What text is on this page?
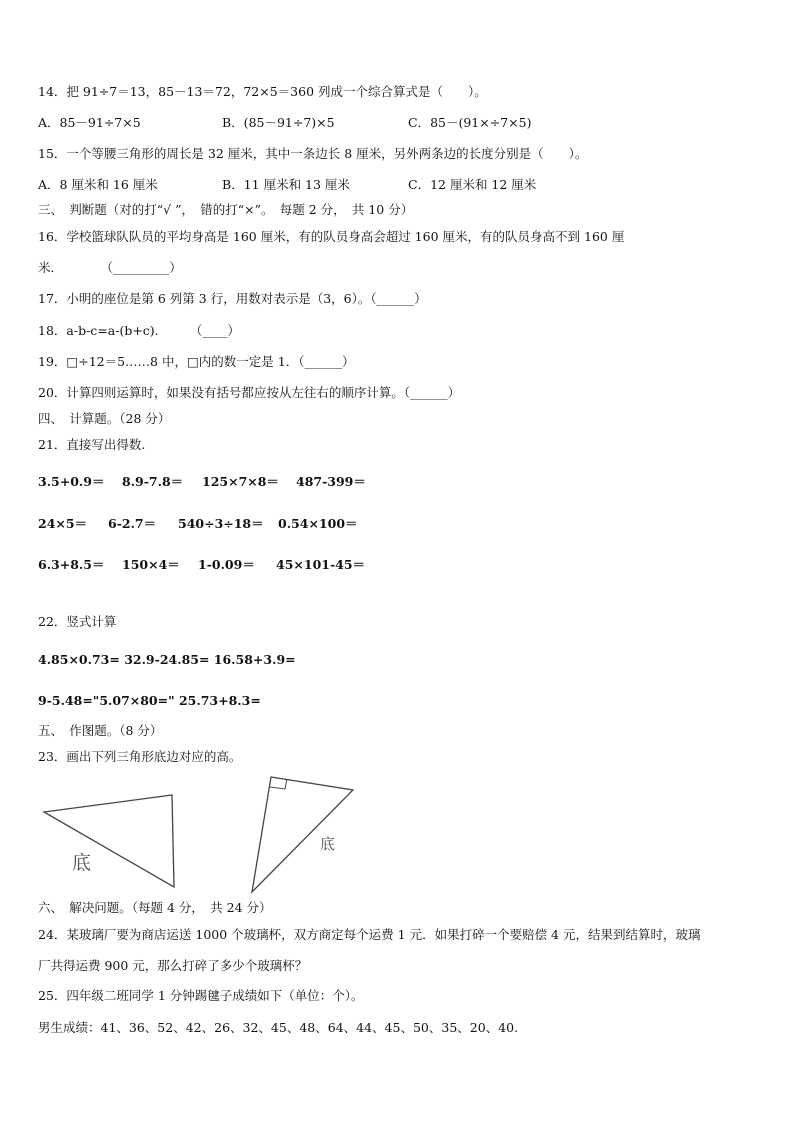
14．把 91÷7＝13，85－13＝72，72×5＝360 列成一个综合算式是（　　）。
A．85－91÷7×5	B．(85－91÷7)×5	C．85－(91×÷7×5)
15．一个等腰三角形的周长是 32 厘米，其中一条边长 8 厘米，另外两条边的长度分别是（　　）。
A．8 厘米和 16 厘米	B．11 厘米和 13 厘米	C．12 厘米和 12 厘米
三、　判断题（对的打“√ ”，　错的打“×”。　每题 2 分，　共 10 分）
16．学校篮球队队员的平均身高是 160 厘米，有的队员身高会超过 160 厘米，有的队员身高不到 160 厘
米．　　　　（_________）
17．小明的座位是第 6 列第 3 行，用数对表示是（3，6）。（______）
18．a-b-c=a-(b+c).　　　（____）
19．□÷12＝5……8 中，□内的数一定是 1．（______）
20．计算四则运算时，如果没有括号都应按从左往右的顺序计算。（______）
四、　计算题。（28 分）
21．直接写出得数.
3.5+0.9＝ 8.9-7.8＝ 125×7×8＝ 487-399＝
24×5＝ 6-2.7＝ 540÷3÷18＝ 0.54×100＝
6.3+8.5＝ 150×4＝ 1-0.09＝ 45×101-45＝
22．竖式计算
4.85×0.73= 32.9-24.85= 16.58+3.9=
9-5.48="5.07×80=" 25.73+8.3=
五、　作图题。（8 分）
23．画出下列三角形底边对应的高。
底
底
六、　解决问题。（每题 4 分，　共 24 分）
24．某玻璃厂要为商店运送 1000 个玻璃杯，双方商定每个运费 1 元．如果打碎一个要赔偿 4 元，结果到结算时，玻璃
厂共得运费 900 元，那么打碎了多少个玻璃杯？
25．四年级二班同学 1 分钟踢毽子成绩如下（单位：个）。
男生成绩：41、36、52、42、26、32、45、48、64、44、45、50、35、20、40.
